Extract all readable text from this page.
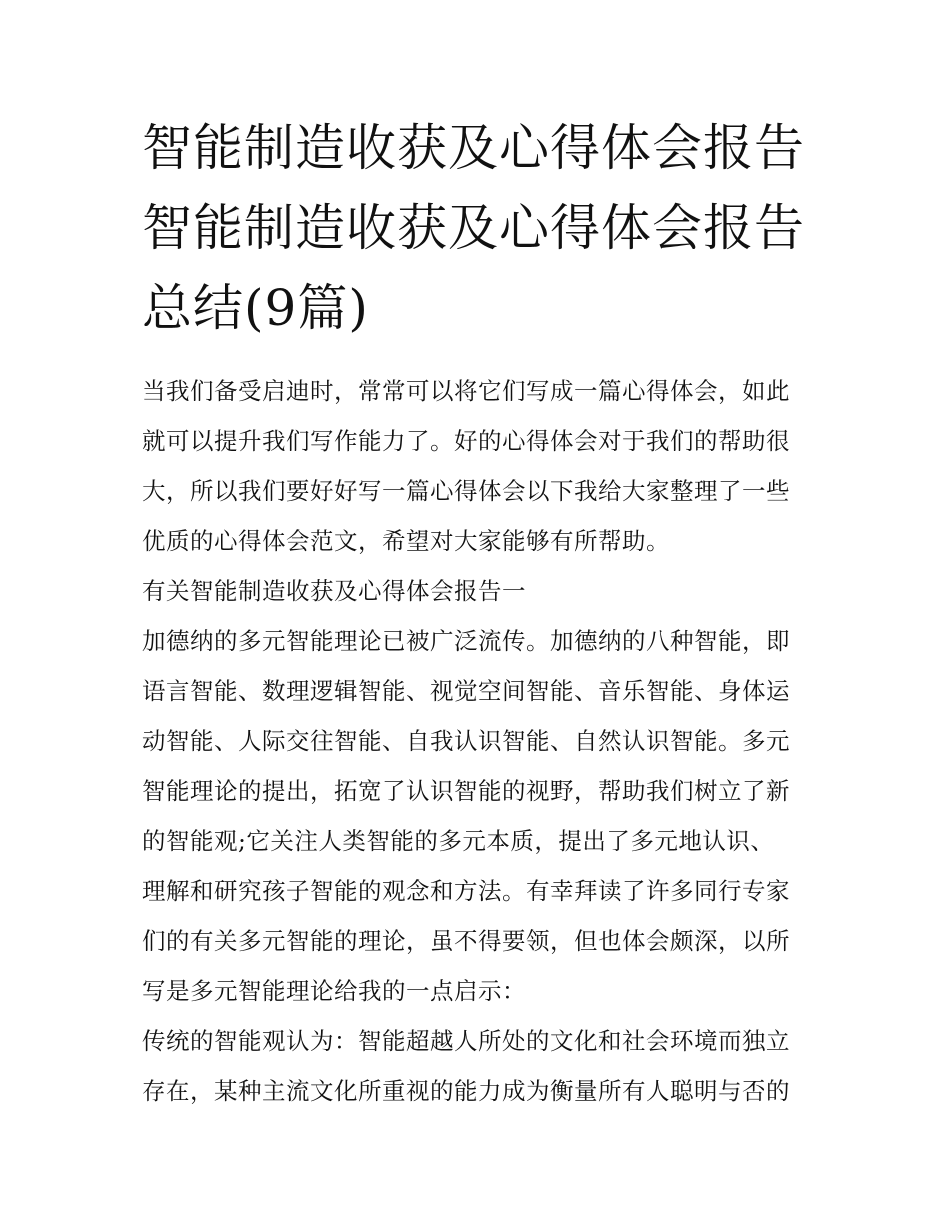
智能制造收获及心得体会报告
智能制造收获及心得体会报告
总结(9篇)

当我们备受启迪时，常常可以将它们写成一篇心得体会，如此
就可以提升我们写作能力了。好的心得体会对于我们的帮助很
大，所以我们要好好写一篇心得体会以下我给大家整理了一些
优质的心得体会范文，希望对大家能够有所帮助。

有关智能制造收获及心得体会报告一

加德纳的多元智能理论已被广泛流传。加德纳的八种智能，即
语言智能、数理逻辑智能、视觉空间智能、音乐智能、身体运
动智能、人际交往智能、自我认识智能、自然认识智能。多元
智能理论的提出，拓宽了认识智能的视野，帮助我们树立了新
的智能观;它关注人类智能的多元本质，提出了多元地认识、
理解和研究孩子智能的观念和方法。有幸拜读了许多同行专家
们的有关多元智能的理论，虽不得要领，但也体会颇深，以所
写是多元智能理论给我的一点启示：

传统的智能观认为：智能超越人所处的文化和社会环境而独立
存在，某种主流文化所重视的能力成为衡量所有人聪明与否的
